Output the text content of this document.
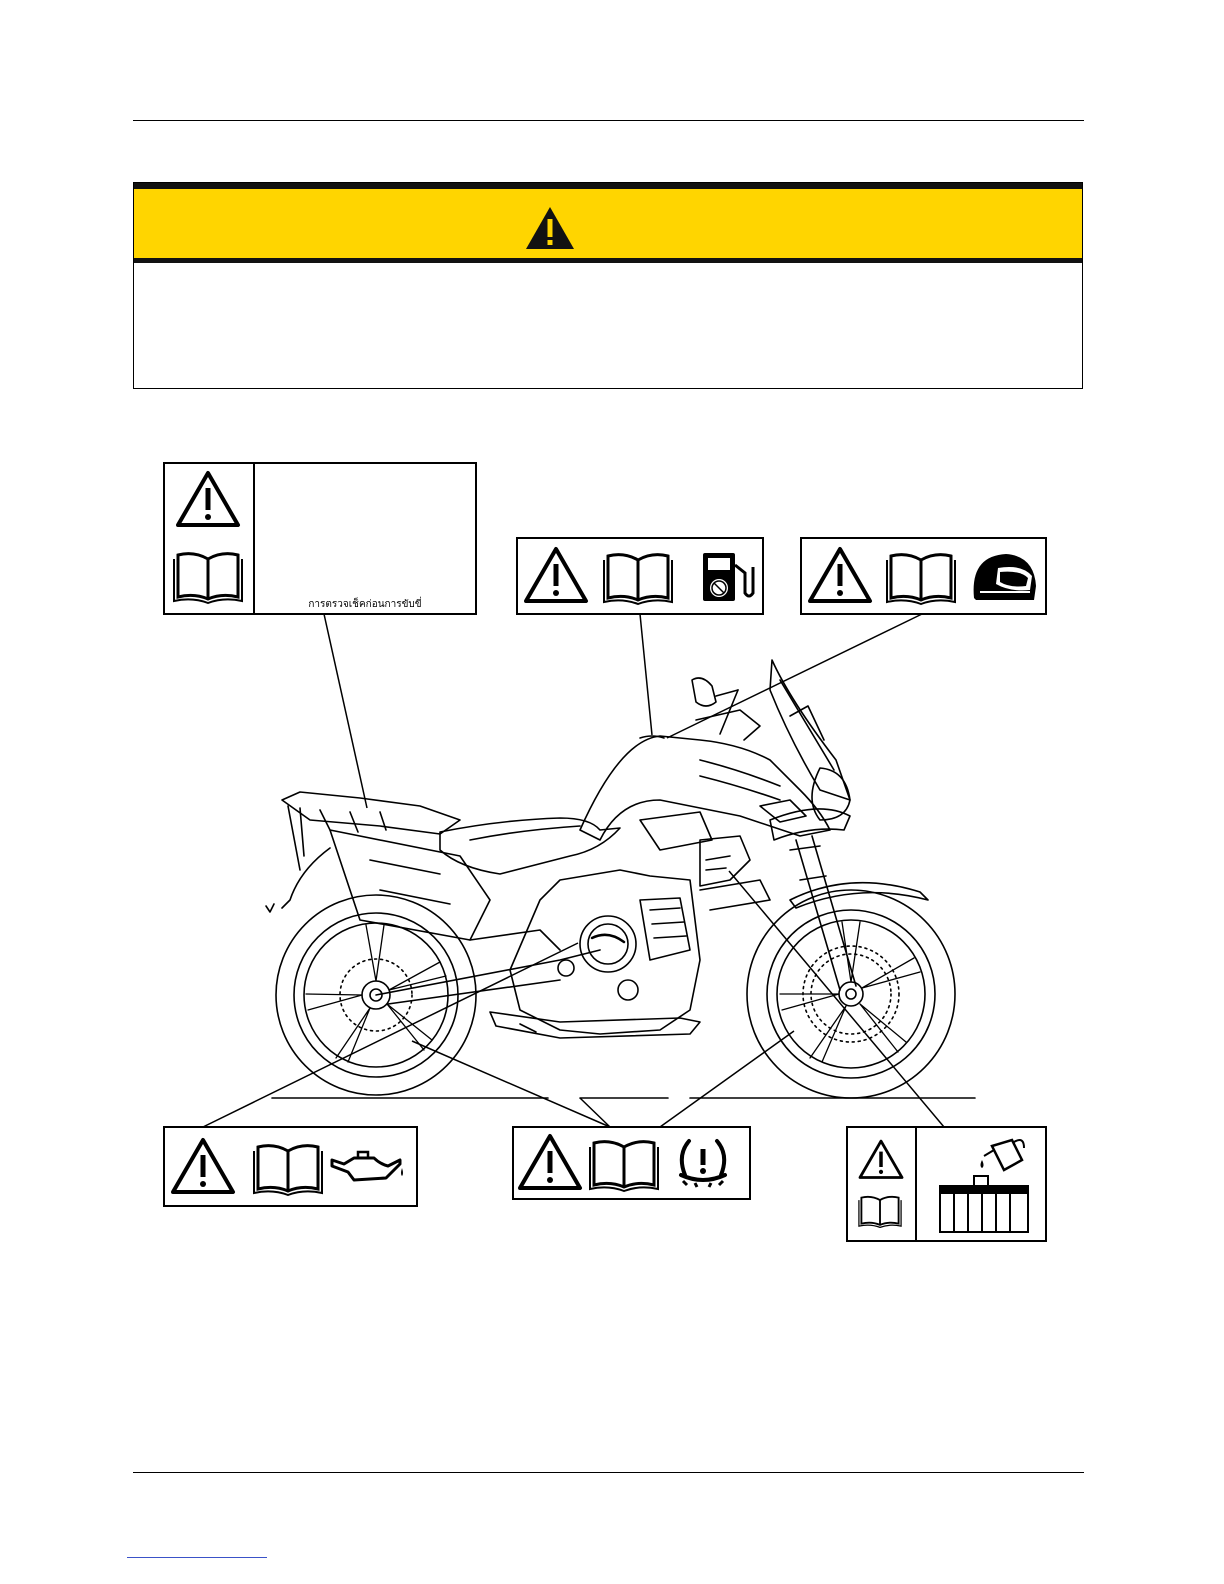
การตรวจเช็คก่อนการขับขี่
